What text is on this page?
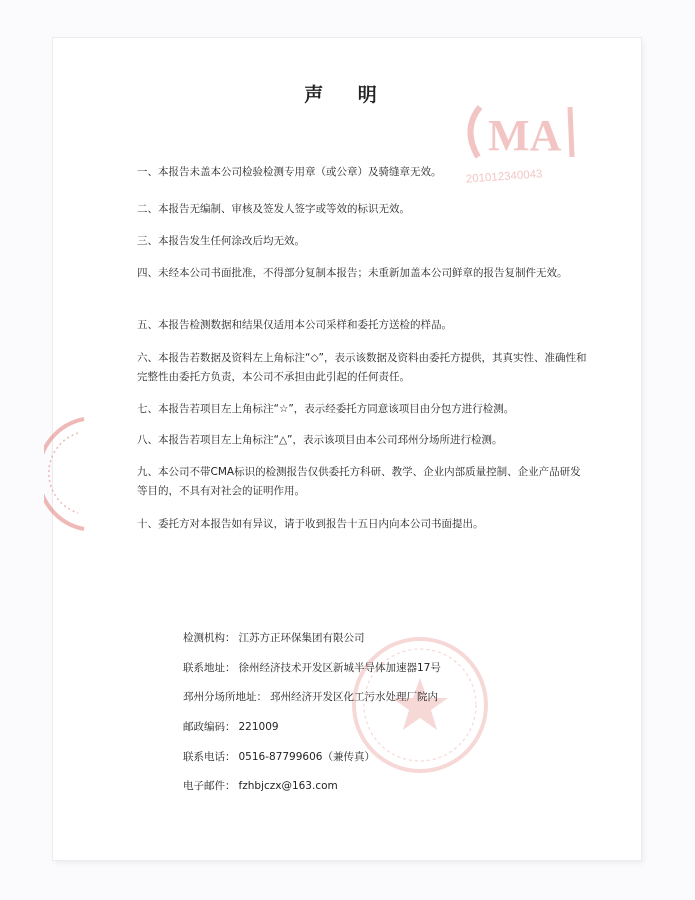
MA
201012340043
声 明
一、本报告未盖本公司检验检测专用章（或公章）及骑缝章无效。
二、本报告无编制、审核及签发人签字或等效的标识无效。
三、本报告发生任何涂改后均无效。
四、未经本公司书面批准，不得部分复制本报告；未重新加盖本公司鲜章的报告复制件无效。
五、本报告检测数据和结果仅适用本公司采样和委托方送检的样品。
六、本报告若数据及资料左上角标注“◇”，表示该数据及资料由委托方提供，其真实性、准确性和完整性由委托方负责，本公司不承担由此引起的任何责任。
七、本报告若项目左上角标注“☆”，表示经委托方同意该项目由分包方进行检测。
八、本报告若项目左上角标注“△”，表示该项目由本公司邳州分场所进行检测。
九、本公司不带CMA标识的检测报告仅供委托方科研、教学、企业内部质量控制、企业产品研发等目的，不具有对社会的证明作用。
十、委托方对本报告如有异议，请于收到报告十五日内向本公司书面提出。
检测机构： 江苏方正环保集团有限公司
联系地址： 徐州经济技术开发区新城半导体加速器17号
邳州分场所地址： 邳州经济开发区化工污水处理厂院内
邮政编码： 221009
联系电话： 0516-87799606（兼传真）
电子邮件： fzhbjczx@163.com
